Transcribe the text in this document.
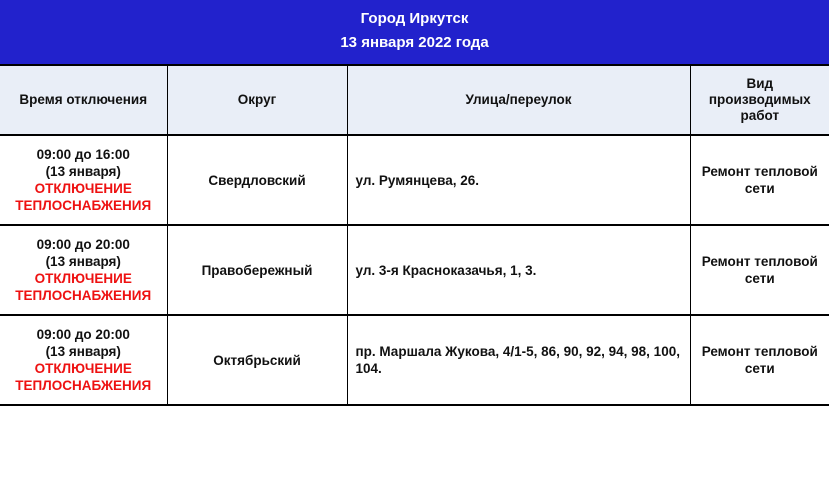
Город Иркутск
13 января 2022 года			

Время отключения	Округ	Улица/переулок	Вид производимых работ

09:00 до 16:00
(13 января)
ОТКЛЮЧЕНИЕ ТЕПЛОСНАБЖЕНИЯ	Свердловский	ул. Румянцева, 26.	Ремонт тепловой сети

09:00 до 20:00
(13 января)
ОТКЛЮЧЕНИЕ ТЕПЛОСНАБЖЕНИЯ	Правобережный	ул. 3-я Красноказачья, 1, 3.	Ремонт тепловой сети

09:00 до 20:00
(13 января)
ОТКЛЮЧЕНИЕ ТЕПЛОСНАБЖЕНИЯ	Октябрьский	пр. Маршала Жукова, 4/1-5, 86, 90, 92, 94, 98, 100, 104.	Ремонт тепловой сети
